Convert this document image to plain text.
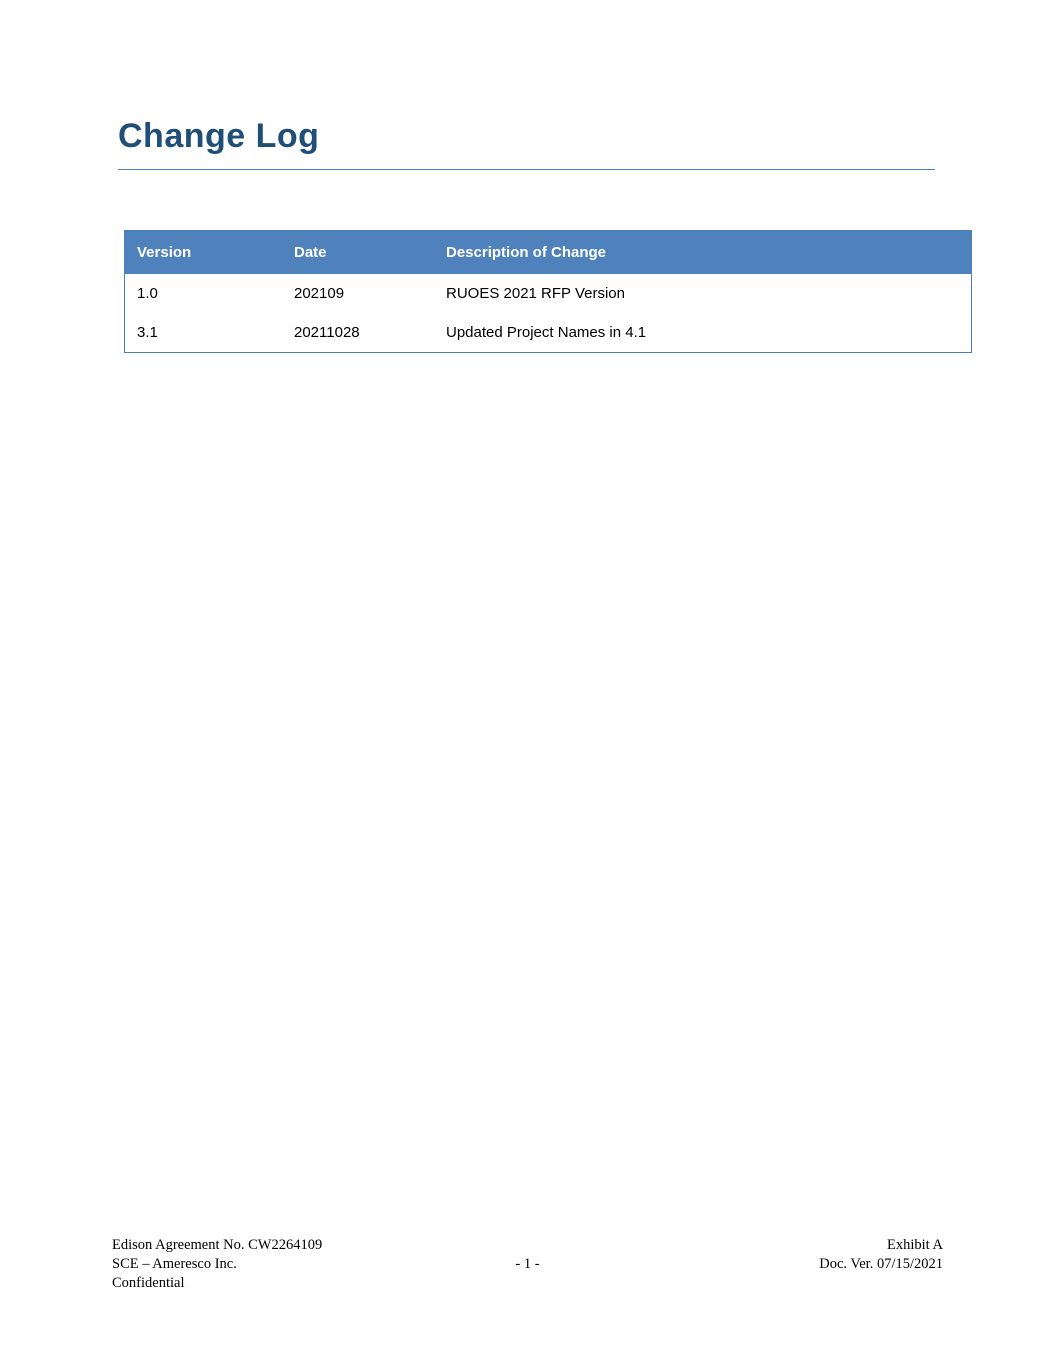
Change Log
Version	Date	Description of Change
1.0	202109	RUOES 2021 RFP Version
3.1	20211028	Updated Project Names in 4.1
Edison Agreement No. CW2264109	Exhibit A
SCE – Ameresco Inc.	- 1 -	Doc. Ver. 07/15/2021
Confidential
